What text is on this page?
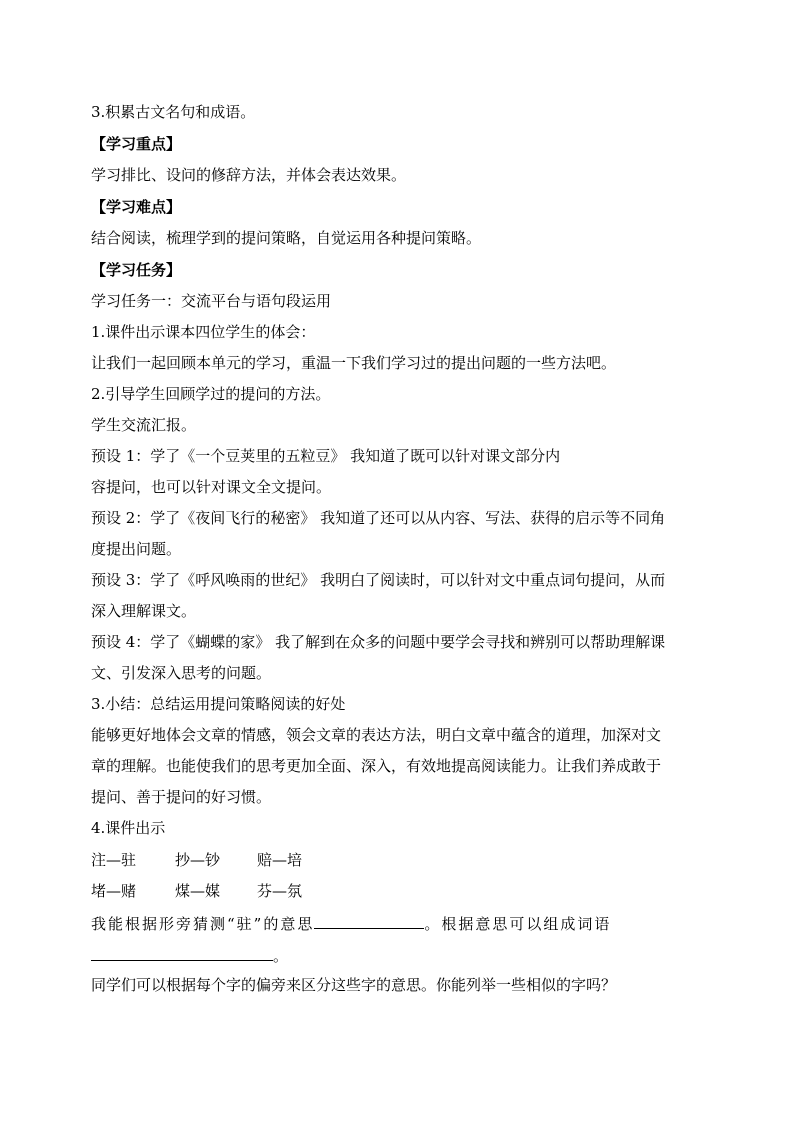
3.积累古文名句和成语。
【学习重点】
学习排比、设问的修辞方法，并体会表达效果。
【学习难点】
结合阅读，梳理学到的提问策略，自觉运用各种提问策略。
【学习任务】
学习任务一：交流平台与语句段运用
1.课件出示课本四位学生的体会：
让我们一起回顾本单元的学习，重温一下我们学习过的提出问题的一些方法吧。
2.引导学生回顾学过的提问的方法。
学生交流汇报。
预设 1：学了《一个豆荚里的五粒豆》 我知道了既可以针对课文部分内
容提问，也可以针对课文全文提问。
预设 2：学了《夜间飞行的秘密》 我知道了还可以从内容、写法、获得的启示等不同角
度提出问题。
预设 3：学了《呼风唤雨的世纪》 我明白了阅读时，可以针对文中重点词句提问，从而
深入理解课文。
预设 4：学了《蝴蝶的家》 我了解到在众多的问题中要学会寻找和辨别可以帮助理解课
文、引发深入思考的问题。
3.小结：总结运用提问策略阅读的好处
能够更好地体会文章的情感，领会文章的表达方法，明白文章中蕴含的道理，加深对文
章的理解。也能使我们的思考更加全面、深入，有效地提高阅读能力。让我们养成敢于
提问、善于提问的好习惯。
4.课件出示
注—驻	抄—钞 赔—培
堵—赌	煤—媒 芬—氛
我能根据形旁猜测“驻”的意思	。根据意思可以组成词语
。
同学们可以根据每个字的偏旁来区分这些字的意思。你能列举一些相似的字吗？
